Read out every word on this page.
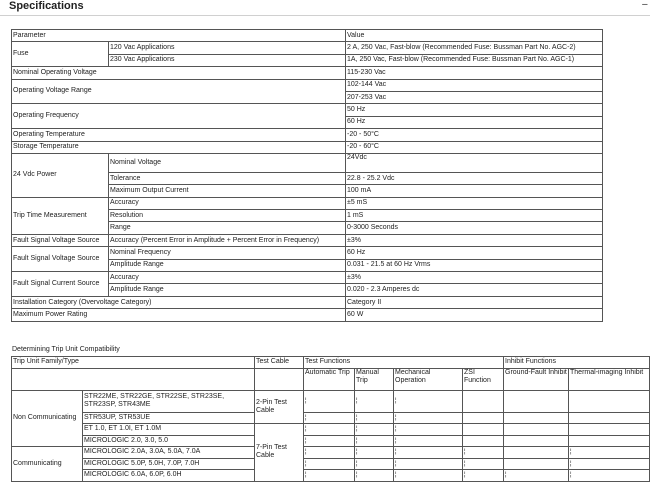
Specifications	−
Parameter		Value
Fuse	120 Vac Applications	2 A, 250 Vac, Fast-blow (Recommended Fuse: Bussman Part No. AGC-2)
	230 Vac Applications	1A, 250 Vac, Fast-blow (Recommended Fuse: Bussman Part No. AGC-1)
Nominal Operating Voltage		115-230 Vac
Operating Voltage Range		102-144 Vac
		207-253 Vac
Operating Frequency		50 Hz
		60 Hz
Operating Temperature		-20 - 50°C
Storage Temperature		-20 - 60°C
24 Vdc Power	Nominal Voltage	24Vdc
	Tolerance	22.8 - 25.2 Vdc
	Maximum Output Current	100 mA
Trip Time Measurement	Accuracy	±5 mS
	Resolution	1 mS
	Range	0-3000 Seconds
Fault Signal Voltage Source	Accuracy (Percent Error in Amplitude + Percent Error in Frequency)	±3%
Fault Signal Voltage Source	Nominal Frequency	60 Hz
	Amplitude Range	0.031 - 21.5 at 60 Hz Vrms
Fault Signal Current Source	Accuracy	±3%
	Amplitude Range	0.020 - 2.3 Amperes dc
Installation Category (Overvoltage Category)		Category II
Maximum Power Rating		60 W
Determining Trip Unit Compatibility
Trip Unit Family/Type		Test Cable	Test Functions				Inhibit Functions	
			Automatic Trip	Manual Trip	Mechanical Operation	ZSI Function	Ground-Fault Inhibit	Thermal-imaging Inhibit
Non Communicating	STR22ME, STR22GE, STR22SE, STR23SE, STR23SP, STR43ME	2-Pin Test Cable	¦	¦	¦			
	STR53UP, STR53UE		¦	¦	¦			
	ET 1.0, ET 1.0I, ET 1.0M	7-Pin Test Cable	¦	¦	¦			
	MICROLOGIC 2.0, 3.0, 5.0		¦	¦	¦			
Communicating	MICROLOGIC 2.0A, 3.0A, 5.0A, 7.0A		¦	¦	¦	¦		¦
	MICROLOGIC 5.0P, 5.0H, 7.0P, 7.0H		¦	¦	¦	¦		¦
	MICROLOGIC 6.0A, 6.0P, 6.0H		¦	¦	¦	¦	¦	¦
